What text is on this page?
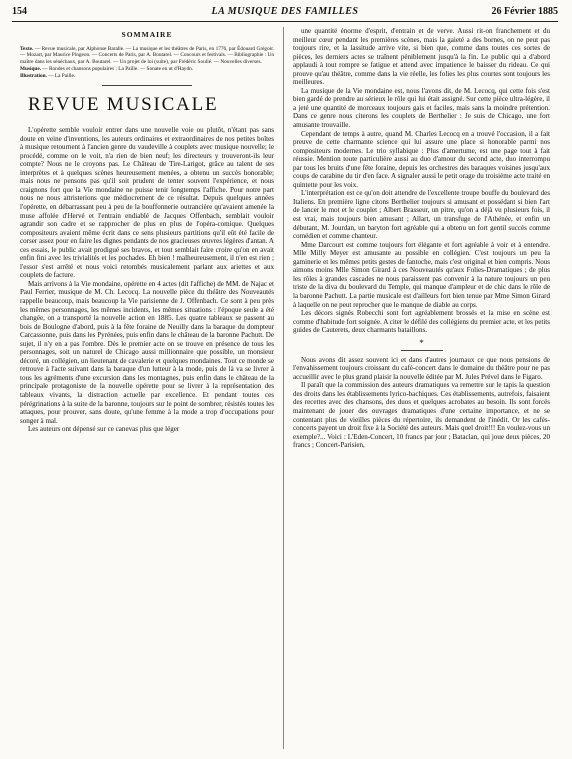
154	LA MUSIQUE DES FAMILLES	26 Février 1885
SOMMAIRE
Texte. — Revue musicale, par Alphonse Baralle. — La musique et les théâtres de Paris, en 1776, par Édouard Grégoir. — Mozart, par Maurice Pingeon. — Concerts de Paris, par A. Boutarel. — Concours et festivals. — Bibliographie : Un maître dans les sénéchaux, par A. Boutarel. — Un projet de loi (suite), par Frédéric Soulié. — Nouvelles diverses.
Musique. — Rondes et chansons populaires : La Paille. — Sonate en ut d'Haydn.
Illustration. — La Paille.
REVUE MUSICALE

L'opérette semble vouloir entrer dans une nouvelle voie ou plutôt, n'étant pas sans doute en veine d'inventions, les auteurs ordinaires et extraordinaires de nos petites boîtes à musique retournent à l'ancien genre du vaudeville à couplets avec musique nouvelle; le procédé, comme on le voit, n'a rien de bien neuf; les directeurs y trouveront-ils leur compte? Nous ne le croyons pas. Le Château de Tire-Larigot, grâce au talent de ses interprètes et à quelques scènes heureusement menées, a obtenu un succès honorable; mais nous ne pensons pas qu'il soit prudent de tenter souvent l'expérience, et nous craignons fort que la Vie mondaine ne puisse tenir longtemps l'affiche. Pour notre part nous ne nous attristerions que médiocrement de ce résultat. Depuis quelques années l'opérette, en débarrassant peu à peu de la bouffonnerie outrancière qu'avaient amenée la muse affolée d'Hervé et l'entrain endiablé de Jacques Offenbach, semblait vouloir agrandir son cadre et se rapprocher de plus en plus de l'opéra-comique. Quelques compositeurs avaient même écrit dans ce sens plusieurs partitions qu'il eût été facile de corser assez pour en faire les dignes pendants de nos gracieuses œuvres légères d'antan. A ces essais, le public avait prodigué ses bravos, et tout semblait faire croire qu'on en avait enfin fini avec les trivialités et les pochades. Eh bien ! malheureusement, il n'en est rien ; l'essor s'est arrêté et nous voici retombés musicalement parlant aux ariettes et aux couplets de facture.

Mais arrivons à la Vie mondaine, opérette en 4 actes (dit l'affiche) de MM. de Najac et Paul Ferrier, musique de M. Ch. Lecocq. La nouvelle pièce du théâtre des Nouveautés rappelle beaucoup, mais beaucoup la Vie parisienne de J. Offenbach. Ce sont à peu près les mêmes personnages, les mêmes incidents, les mêmes situations : l'époque seule a été changée, on a transporté la nouvelle action en 1885. Les quatre tableaux se passent au bois de Boulogne d'abord, puis à la fête foraine de Neuilly dans la baraque du dompteur Carcassonne, puis dans les Pyrénées, puis enfin dans le château de la baronne Pachutt. De sujet, il n'y en a pas l'ombre. Dès le premier acte on se trouve en présence de tous les personnages, soit un naturel de Chicago aussi millionnaire que possible, un monsieur décoré, un collégien, un lieutenant de cavalerie et quelques mondaines. Tout ce monde se retrouve à l'acte suivant dans la baraque d'un lutteur à la mode, puis de là va se livrer à tous les agréments d'une excursion dans les montagnes, puis enfin dans le château de la principale protagoniste de la nouvelle opérette pour se livrer à la représentation des tableaux vivants, la distraction actuelle par excellence. Et pendant toutes ces pérégrinations à la suite de la baronne, toujours sur le point de sombrer, résistés toutes les attaques, pour prouver, sans doute, qu'une femme à la mode a trop d'occupations pour songer à mal.

Les auteurs ont dépensé sur ce canevas plus que léger

une quantité énorme d'esprit, d'entrain et de verve. Aussi rit-on franchement et du meilleur cœur pendant les premières scènes, mais la gaieté a des bornes, on ne peut pas toujours rire, et la lassitude arrive vite, si bien que, comme dans toutes ces sortes de pièces, les derniers actes se traînent péniblement jusqu'à la fin. Le public qui a d'abord applaudi à tout rompre se fatigue et attend avec impatience le baisser du rideau. Ce qui prouve qu'au théâtre, comme dans la vie réelle, les folies les plus courtes sont toujours les meilleures.

La musique de la Vie mondaine est, nous l'avons dit, de M. Lecocq, qui cette fois s'est bien gardé de prendre au sérieux le rôle qui lui était assigné. Sur cette pièce ultra-légère, il a jeté une quantité de morceaux toujours gais et faciles, mais sans la moindre prétention. Dans ce genre nous citerons les couplets de Berthelier : Je suis de Chicago, une fort amusante trouvaille.

Cependant de temps à autre, quand M. Charles Lecocq en a trouvé l'occasion, il a fait preuve de cette charmante science qui lui assure une place si honorable parmi nos compositeurs modernes. Le trio syllabique : Plus d'amertume, est une page tout à fait réussie. Mention toute particulière aussi au duo d'amour du second acte, duo interrompu par tous les bruits d'une fête foraine, depuis les orchestres des baraques voisines jusqu'aux coups de carabine du tir d'en face. A signaler aussi le petit orage du troisième acte traité en quintette pour les voix.

L'interprétation est ce qu'on doit attendre de l'excellente troupe bouffe du boulevard des Italiens. En première ligne citons Berthelier toujours si amusant et possédant si bien l'art de lancer le mot et le couplet ; Albert Brasseur, un pitre, qu'on a déjà vu plusieurs fois, il est vrai, mais toujours bien amusant ; Allart, un transfuge de l'Athénée, et enfin un débutant, M. Jourdan, un baryton fort agréable qui a obtenu un fort gentil succès comme comédien et comme chanteur.

Mme Darcourt est comme toujours fort élégante et fort agréable à voir et à entendre. Mlle Milly Meyer est amusante au possible en collégien. C'est toujours un peu la gaminerie et les mêmes petits gestes de fantoche, mais c'est original et bien compris. Nous aimons moins Mlle Simon Girard à ces Nouveautés qu'aux Folies-Dramatiques ; de plus les rôles à grandes cascades ne nous paraissent pas convenir à la nature toujours un peu triste de la diva du boulevard du Temple, qui manque d'ampleur et de chic dans le rôle de la baronne Pachutt. La partie musicale est d'ailleurs fort bien tenue par Mme Simon Girard à laquelle on ne peut reprocher que le manque de diable au corps.

Les décors signés Robecchi sont fort agréablement brossés et la mise en scène est comme d'habitude fort soignée. A citer le défilé des collégiens du premier acte, et les petits guides de Cauterets, deux charmants bataillons.

*

Nous avons dit assez souvent ici et dans d'autres journaux ce que nous pensions de l'envahissement toujours croissant du café-concert dans le domaine du théâtre pour ne pas accueillir avec le plus grand plaisir la nouvelle éditée par M. Jules Prével dans le Figaro.

Il paraît que la commission des auteurs dramatiques va remettre sur le tapis la question des droits dans les établissements lyrico-bachiques. Ces établissements, autrefois, faisaient des recettes avec des chansons, des duos et quelques acrobates au besoin. Ils sont forcés maintenant de jouer des ouvrages dramatiques d'une certaine importance, et ne se contentant plus de vieilles pièces du répertoire, ils demandent de l'inédit. Or les cafés-concerts payent un droit fixe à la Société des auteurs. Mais quel droit!!! En voulez-vous un exemple?... Voici : L'Eden-Concert, 10 francs par jour ; Bataclan, qui joue deux pièces, 20 francs ; Concert-Parisien,
